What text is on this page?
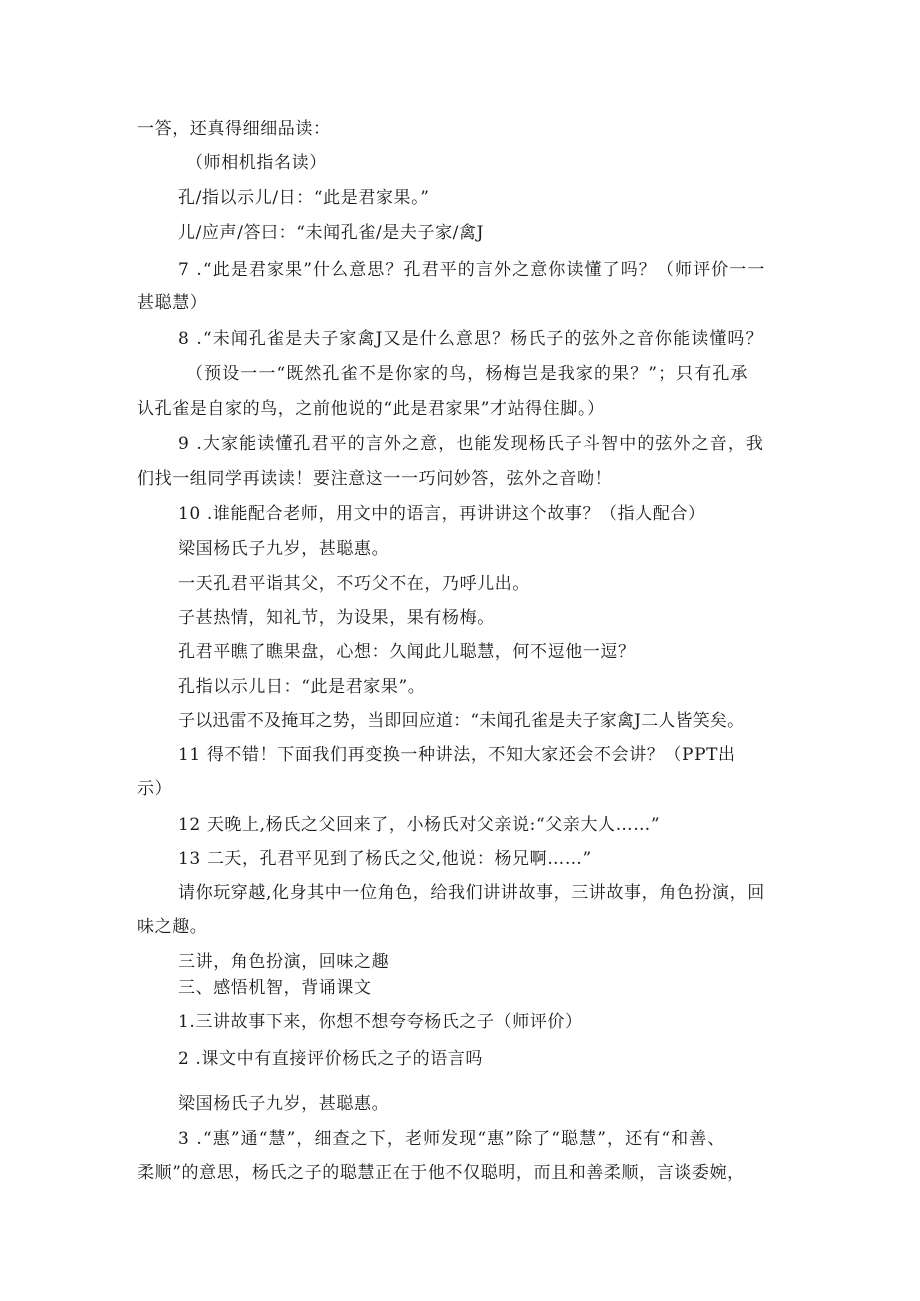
一答，还真得细细品读：

（师相机指名读）

孔/指以示儿/日：“此是君家果。”

儿/应声/答曰：“未闻孔雀/是夫子家/禽J

7 .“此是君家果”什么意思？孔君平的言外之意你读懂了吗？（师评价一一

甚聪慧）

8 .“未闻孔雀是夫子家禽J又是什么意思？杨氏子的弦外之音你能读懂吗？

（预设一一“既然孔雀不是你家的鸟，杨梅岂是我家的果？”；只有孔承

认孔雀是自家的鸟，之前他说的“此是君家果”才站得住脚。）

9 .大家能读懂孔君平的言外之意，也能发现杨氏子斗智中的弦外之音，我

们找一组同学再读读！要注意这一一巧问妙答，弦外之音呦！

10 .谁能配合老师，用文中的语言，再讲讲这个故事？（指人配合）

梁国杨氏子九岁，甚聪惠。

一天孔君平诣其父，不巧父不在，乃呼儿出。

子甚热情，知礼节，为设果，果有杨梅。

孔君平瞧了瞧果盘，心想：久闻此儿聪慧，何不逗他一逗？

孔指以示儿日：“此是君家果”。

子以迅雷不及掩耳之势，当即回应道：“未闻孔雀是夫子家禽J二人皆笑矣。

11 得不错！下面我们再变换一种讲法，不知大家还会不会讲？（PPT出

示）

12 天晚上,杨氏之父回来了，小杨氏对父亲说:“父亲大人……”

13 二天，孔君平见到了杨氏之父,他说：杨兄啊……”

请你玩穿越,化身其中一位角色，给我们讲讲故事，三讲故事，角色扮演，回

味之趣。

三讲，角色扮演，回味之趣

三、感悟机智，背诵课文

1.三讲故事下来，你想不想夸夸杨氏之子（师评价）

2 .课文中有直接评价杨氏之子的语言吗

梁国杨氏子九岁，甚聪惠。

3 .“惠”通“慧”，细查之下，老师发现“惠”除了“聪慧”，还有“和善、

柔顺”的意思，杨氏之子的聪慧正在于他不仅聪明，而且和善柔顺，言谈委婉，
